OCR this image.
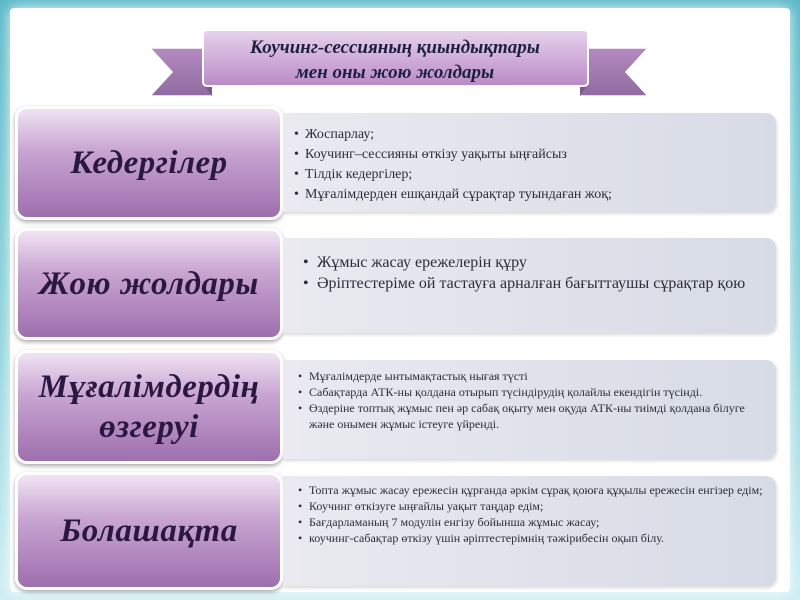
Коучинг-сессияның қиындықтары
мен оны жою жолдары
Кедергілер
• Жоспарлау;
• Коучинг–сессияны өткізу уақыты ыңғайсыз
• Тілдік кедергілер;
• Мұғалімдерден ешқандай сұрақтар туындаған жоқ;
Жою жолдары
• Жұмыс жасау ережелерін құру
• Әріптестеріме ой тастауға арналған бағыттаушы сұрақтар қою
Мұғалімдердің
өзгеруі
• Мұғалімдерде ынтымақтастық нығая түсті
• Сабақтарда АТК-ны қолдана отырып түсіндірудің қолайлы екендігін түсінді.
• Өздеріне топтық жұмыс пен әр сабақ оқыту мен оқуда АТК-ны тиімді қолдана білуге және онымен жұмыс істеуге үйренді.
Болашақта
• Топта жұмыс жасау ережесін құрғанда әркім сұрақ қоюға құқылы ережесін енгізер едім;
• Коучинг өткізуге ыңғайлы уақыт таңдар едім;
• Бағдарламаның 7 модулін енгізу бойынша жұмыс жасау;
• коучинг-сабақтар өткізу үшін әріптестерімнің тәжірибесін оқып білу.
